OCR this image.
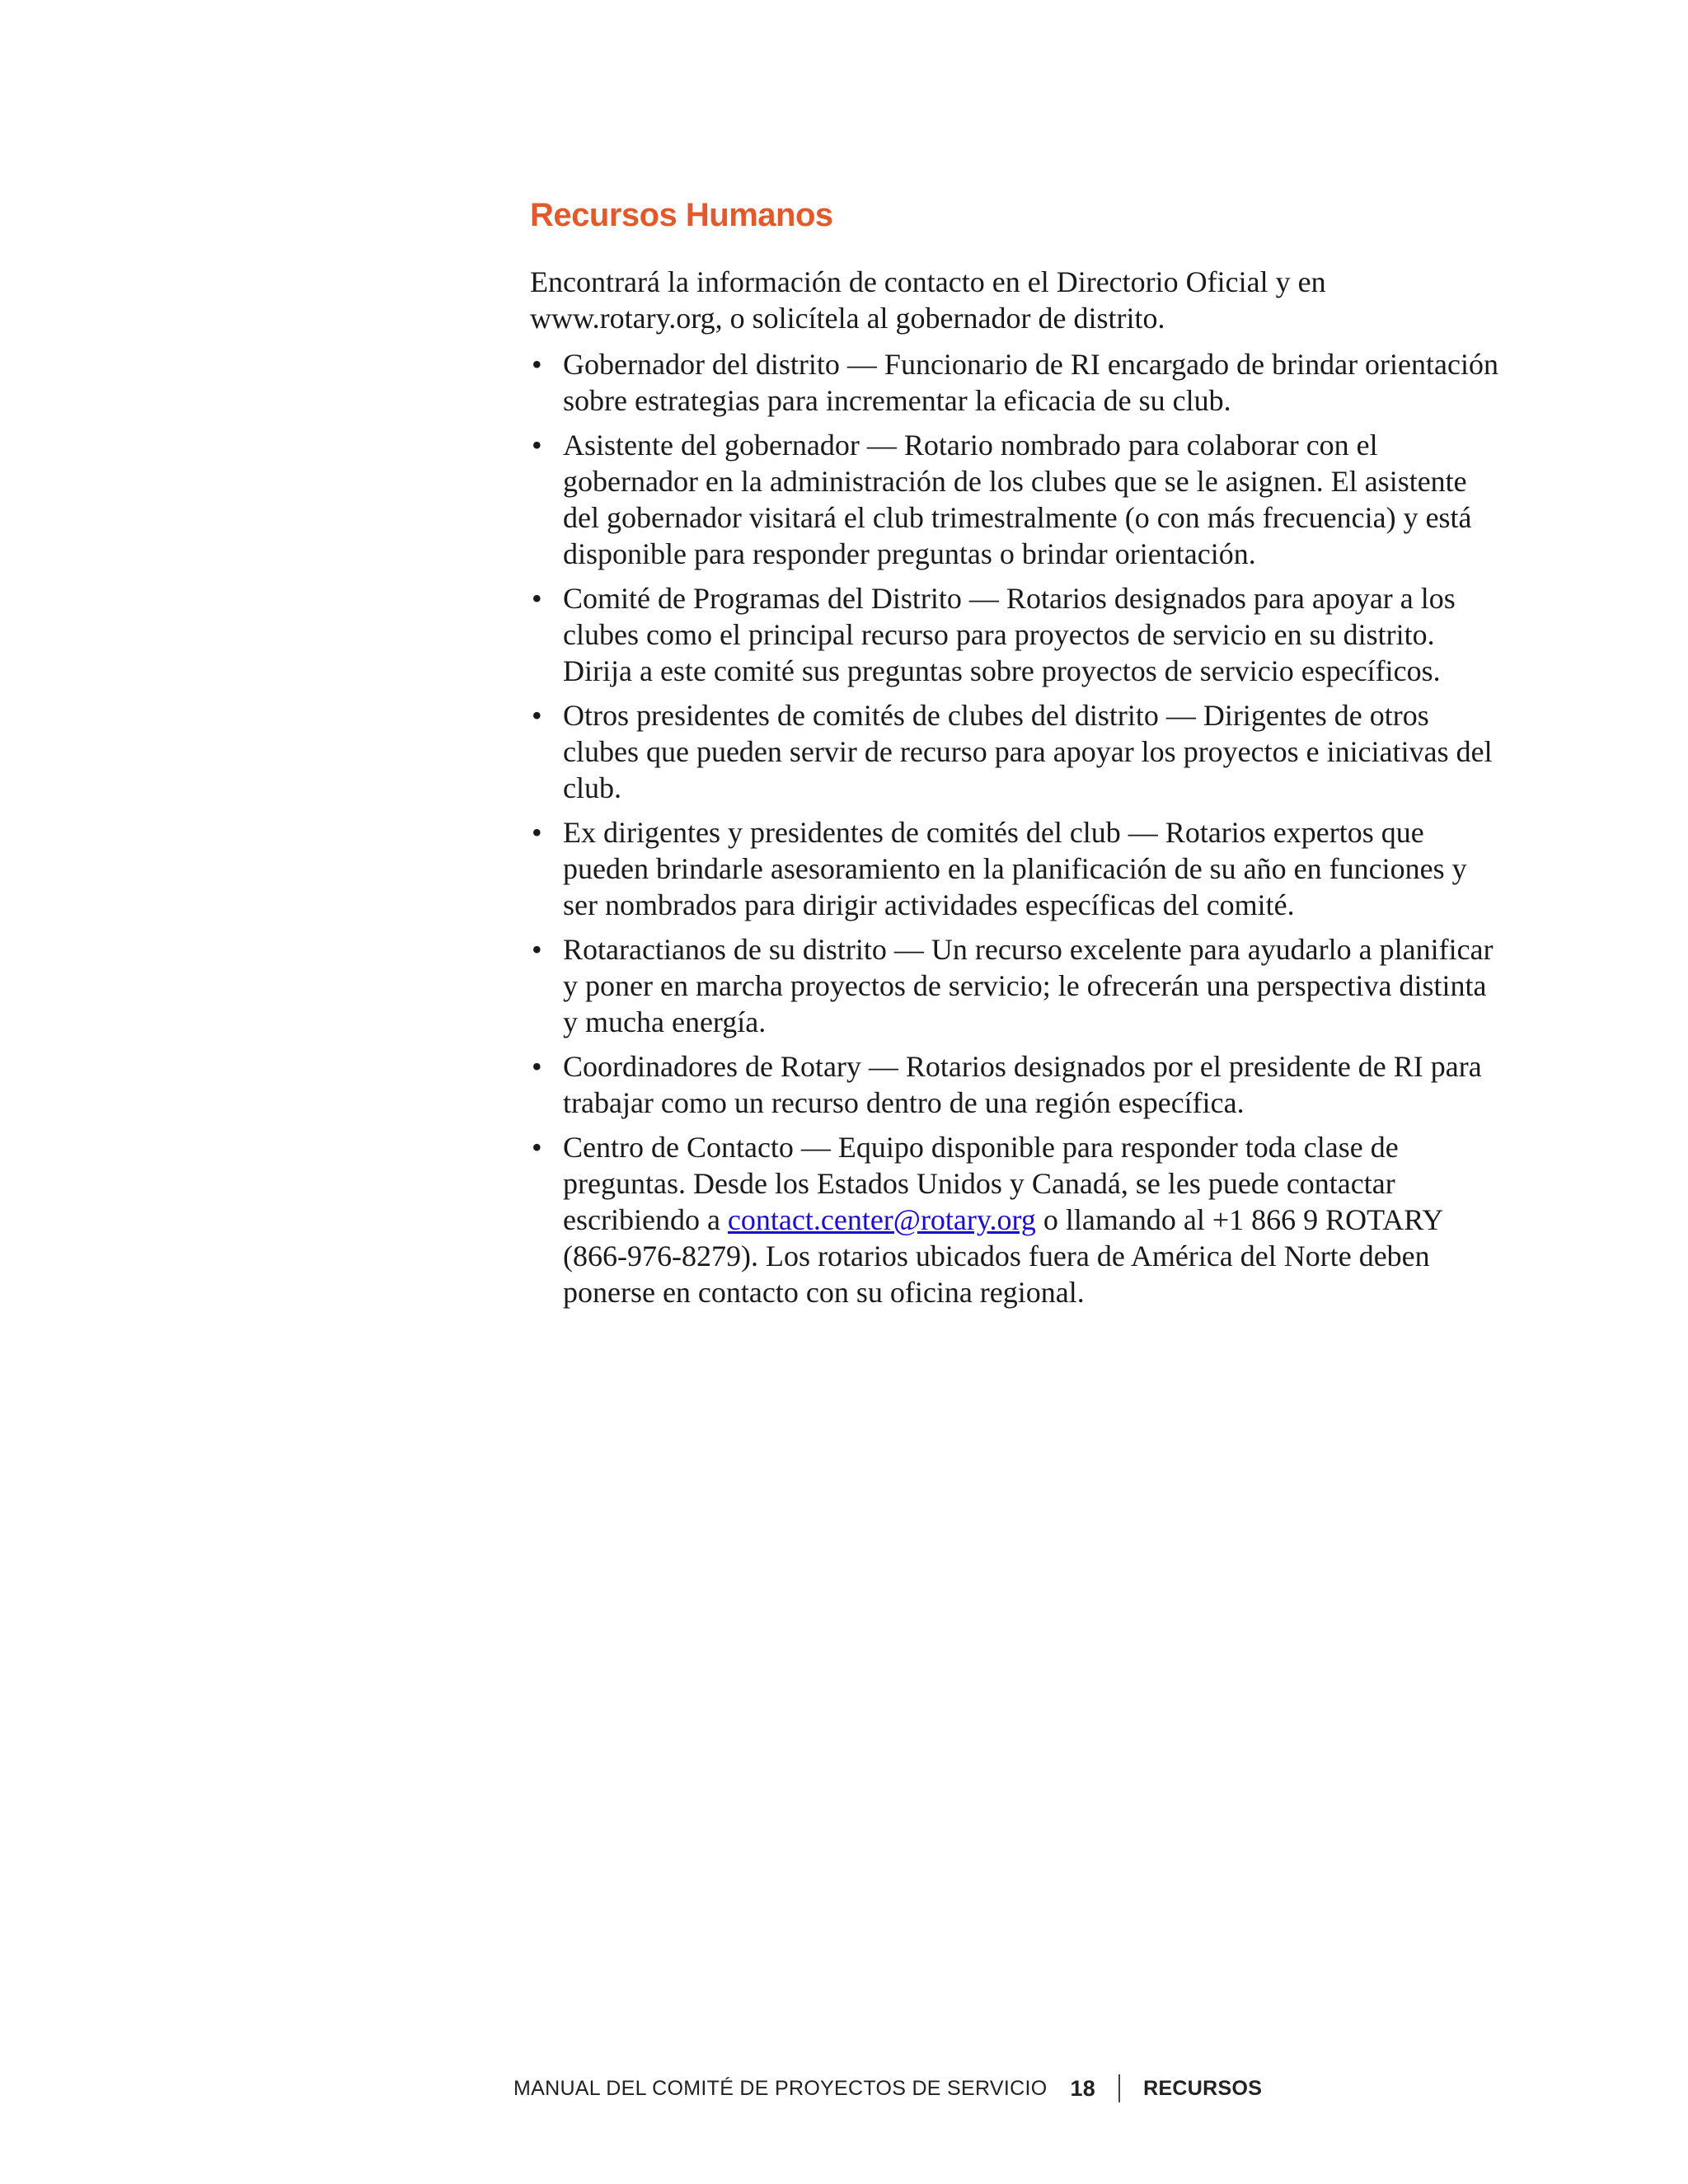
Recursos Humanos

Encontrará la información de contacto en el Directorio Oficial y en www.rotary.org, o solicítela al gobernador de distrito.

• Gobernador del distrito — Funcionario de RI encargado de brindar orientación sobre estrategias para incrementar la eficacia de su club.
• Asistente del gobernador — Rotario nombrado para colaborar con el gobernador en la administración de los clubes que se le asignen. El asistente del gobernador visitará el club trimestralmente (o con más frecuencia) y está disponible para responder preguntas o brindar orientación.
• Comité de Programas del Distrito — Rotarios designados para apoyar a los clubes como el principal recurso para proyectos de servicio en su distrito. Dirija a este comité sus preguntas sobre proyectos de servicio específicos.
• Otros presidentes de comités de clubes del distrito — Dirigentes de otros clubes que pueden servir de recurso para apoyar los proyectos e iniciativas del club.
• Ex dirigentes y presidentes de comités del club — Rotarios expertos que pueden brindarle asesoramiento en la planificación de su año en funciones y ser nombrados para dirigir actividades específicas del comité.
• Rotaractianos de su distrito — Un recurso excelente para ayudarlo a planificar y poner en marcha proyectos de servicio; le ofrecerán una perspectiva distinta y mucha energía.
• Coordinadores de Rotary — Rotarios designados por el presidente de RI para trabajar como un recurso dentro de una región específica.
• Centro de Contacto — Equipo disponible para responder toda clase de preguntas. Desde los Estados Unidos y Canadá, se les puede contactar escribiendo a contact.center@rotary.org o llamando al +1 866 9 ROTARY (866-976-8279). Los rotarios ubicados fuera de América del Norte deben ponerse en contacto con su oficina regional.
MANUAL DEL COMITÉ DE PROYECTOS DE SERVICIO 18 RECURSOS
